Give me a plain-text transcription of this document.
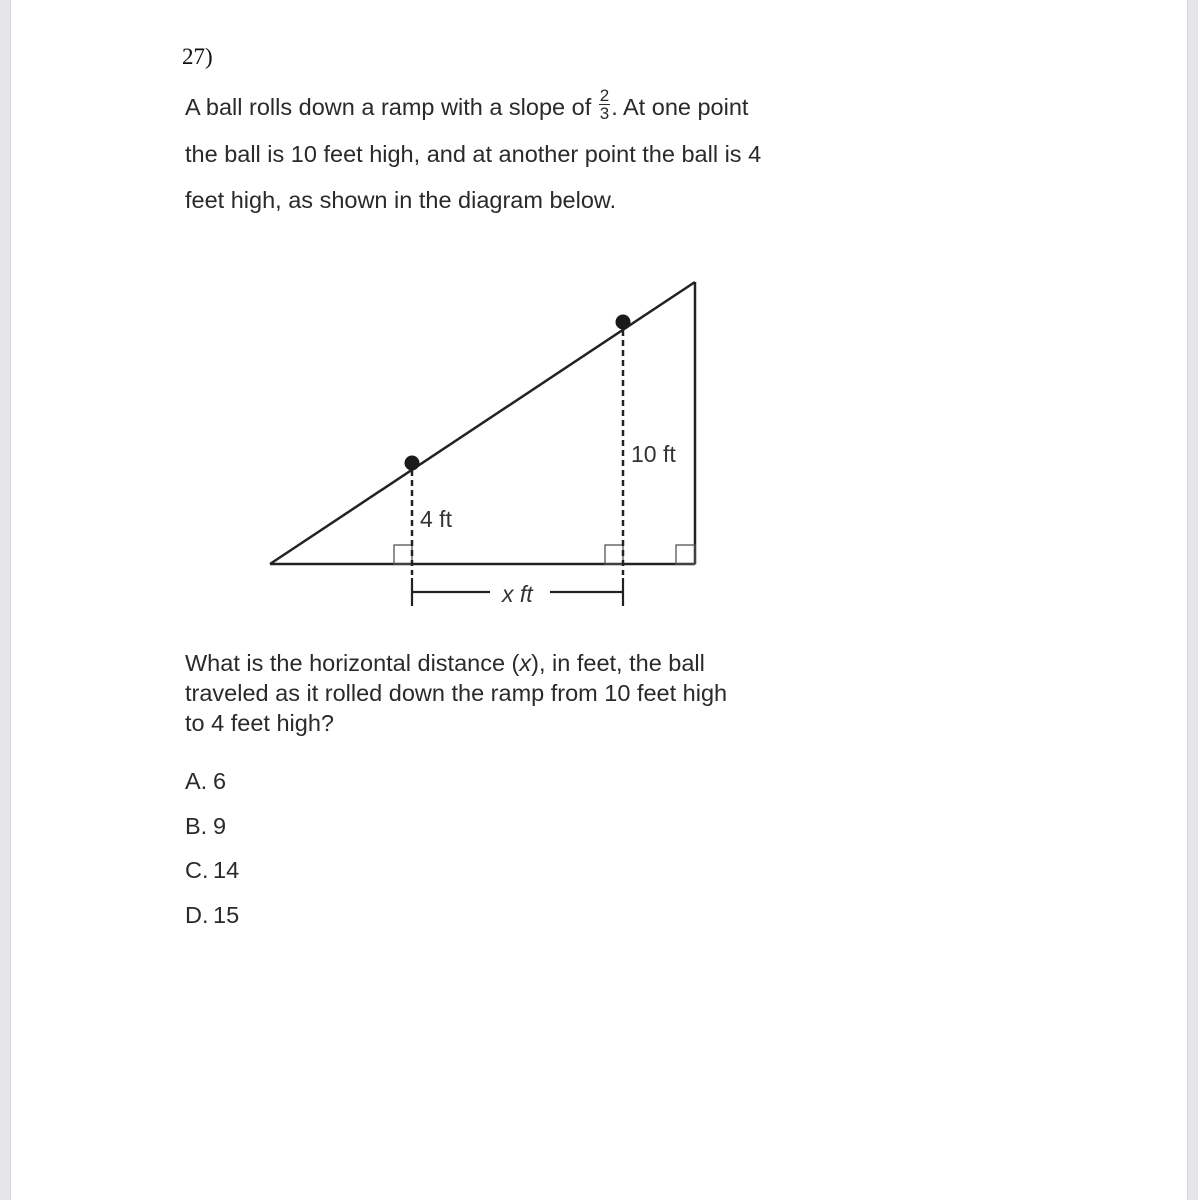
27)
A ball rolls down a ramp with a slope of $\frac{2}{3}$ . At one point the ball is 10 feet high, and at another point the ball is 4 feet high, as shown in the diagram below.
4 ft
10 ft
x ft
What is the horizontal distance (x), in feet, the ball traveled as it rolled down the ramp from 10 feet high to 4 feet high?
A. 6
B. 9
C. 14
D. 15
